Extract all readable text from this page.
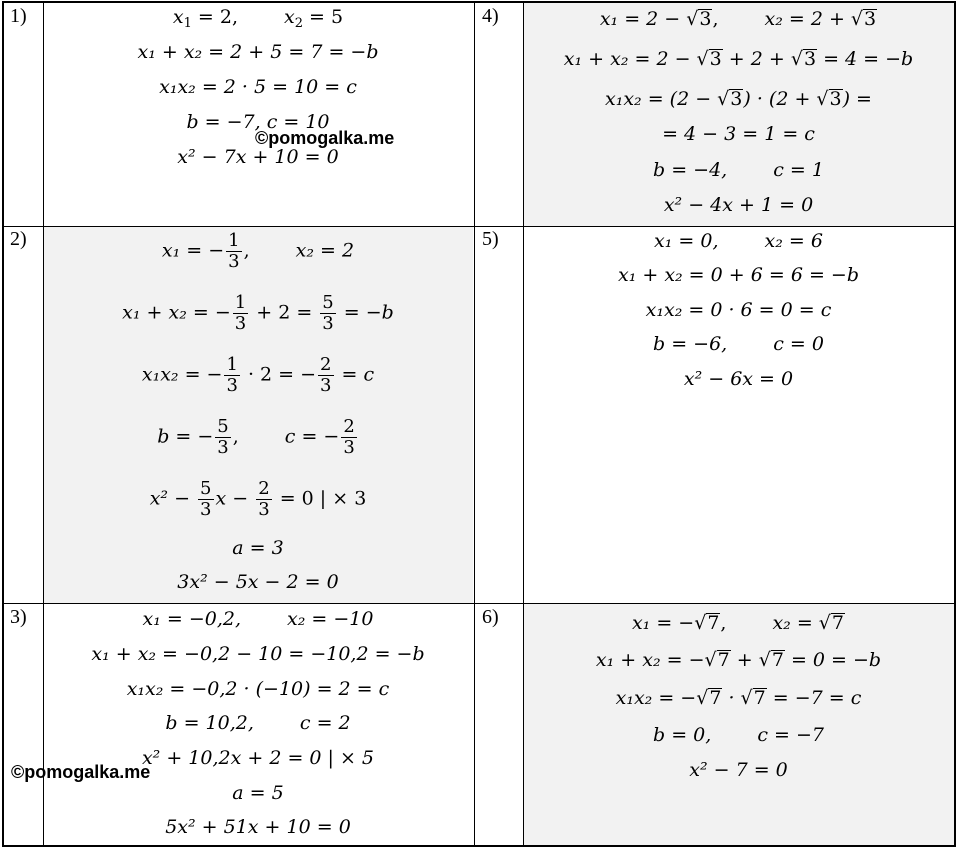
1)
2)
3)
4)
5)
6)
$x_1 = 2$, $x_2 = 5$
x₁ + x₂ = 2 + 5 = 7 = −b
x₁x₂ = 2 · 5 = 10 = c
b = −7, c = 10
x² − 7x + 10 = 0
©pomogalka.me
x₁ = − $\frac{1}{3}$ , x₂ = 2
x₁ + x₂ = − $\frac{1}{3} + 2 = \frac{5}{3} = -b$
x₁x₂ = − $\frac{1}{3} \cdot 2$ = − $\frac{2}{3} = c$
b = − $\frac{5}{3}$ , c = − $\frac{2}{3}$
$x^2 - \frac{5}{3}$ $x - \frac{2}{3} = 0$ | × 3
a = 3
3x² − 5x − 2 = 0
x₁ = −0,2, x₂ = −10
x₁ + x₂ = −0,2 − 10 = −10,2 = −b
x₁x₂ = −0,2 · (−10) = 2 = c
b = 10,2, c = 2
x² + 10,2x + 2 = 0 | × 5
a = 5
5x² + 51x + 10 = 0
©pomogalka.me
x₁ = 2 − √3, x₂ = 2 + √3
x₁ + x₂ = 2 − √3 + 2 + √3 = 4 = −b
x₁x₂ = (2 − √3) · (2 + √3) =
= 4 − 3 = 1 = c
b = −4, c = 1
x² − 4x + 1 = 0
x₁ = 0, x₂ = 6
x₁ + x₂ = 0 + 6 = 6 = −b
x₁x₂ = 0 · 6 = 0 = c
b = −6, c = 0
x² − 6x = 0
x₁ = −√7, x₂ = √7
x₁ + x₂ = −√7 + √7 = 0 = −b
x₁x₂ = −√7 · √7 = −7 = c
b = 0, c = −7
x² − 7 = 0
